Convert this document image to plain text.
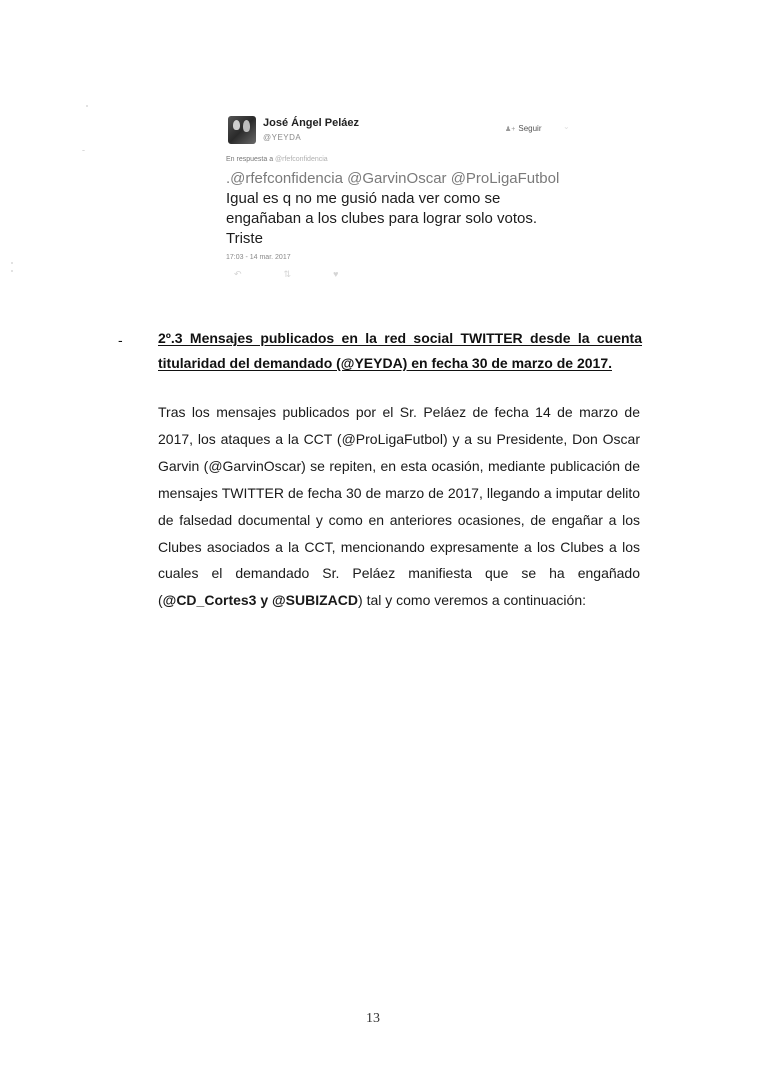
José Ángel Peláez
@YEYDA
♟+ Seguir	⌄
En respuesta a @rfefconfidencia
.@rfefconfidencia @GarvinOscar @ProLigaFutbol Igual es q no me gusió nada ver como se engañaban a los clubes para lograr solo votos. Triste
17:03 - 14 mar. 2017
↶	⇅	♥
-	2º.3 Mensajes publicados en la red social TWITTER desde la cuenta titularidad del demandado (@YEYDA) en fecha 30 de marzo de 2017.

Tras los mensajes publicados por el Sr. Peláez de fecha 14 de marzo de 2017, los ataques a la CCT (@ProLigaFutbol) y a su Presidente, Don Oscar Garvin (@GarvinOscar) se repiten, en esta ocasión, mediante publicación de mensajes TWITTER de fecha 30 de marzo de 2017, llegando a imputar delito de falsedad documental y como en anteriores ocasiones, de engañar a los Clubes asociados a la CCT, mencionando expresamente a los Clubes a los cuales el demandado Sr. Peláez manifiesta que se ha engañado (@CD_Cortes3 y @SUBIZACD) tal y como veremos a continuación:

13
